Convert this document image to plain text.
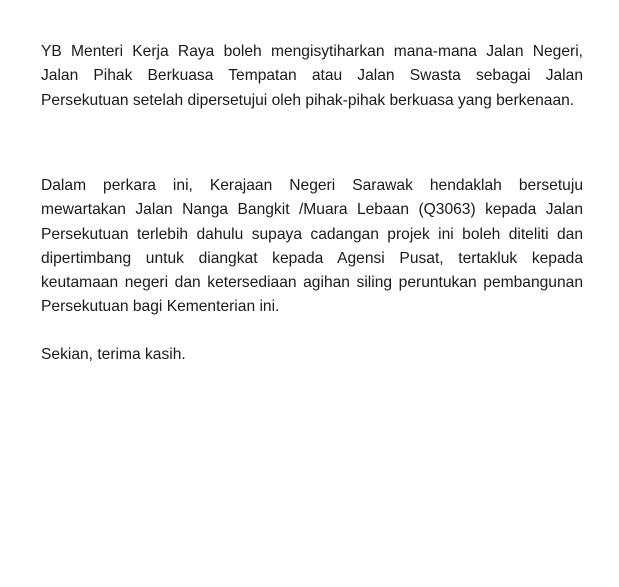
YB Menteri Kerja Raya boleh mengisytiharkan mana-mana Jalan Negeri, Jalan Pihak Berkuasa Tempatan atau Jalan Swasta sebagai Jalan Persekutuan setelah dipersetujui oleh pihak-pihak berkuasa yang berkenaan.

Dalam perkara ini, Kerajaan Negeri Sarawak hendaklah bersetuju mewartakan Jalan Nanga Bangkit /Muara Lebaan (Q3063) kepada Jalan Persekutuan terlebih dahulu supaya cadangan projek ini boleh diteliti dan dipertimbang untuk diangkat kepada Agensi Pusat, tertakluk kepada keutamaan negeri dan ketersediaan agihan siling peruntukan pembangunan Persekutuan bagi Kementerian ini.

Sekian, terima kasih.
